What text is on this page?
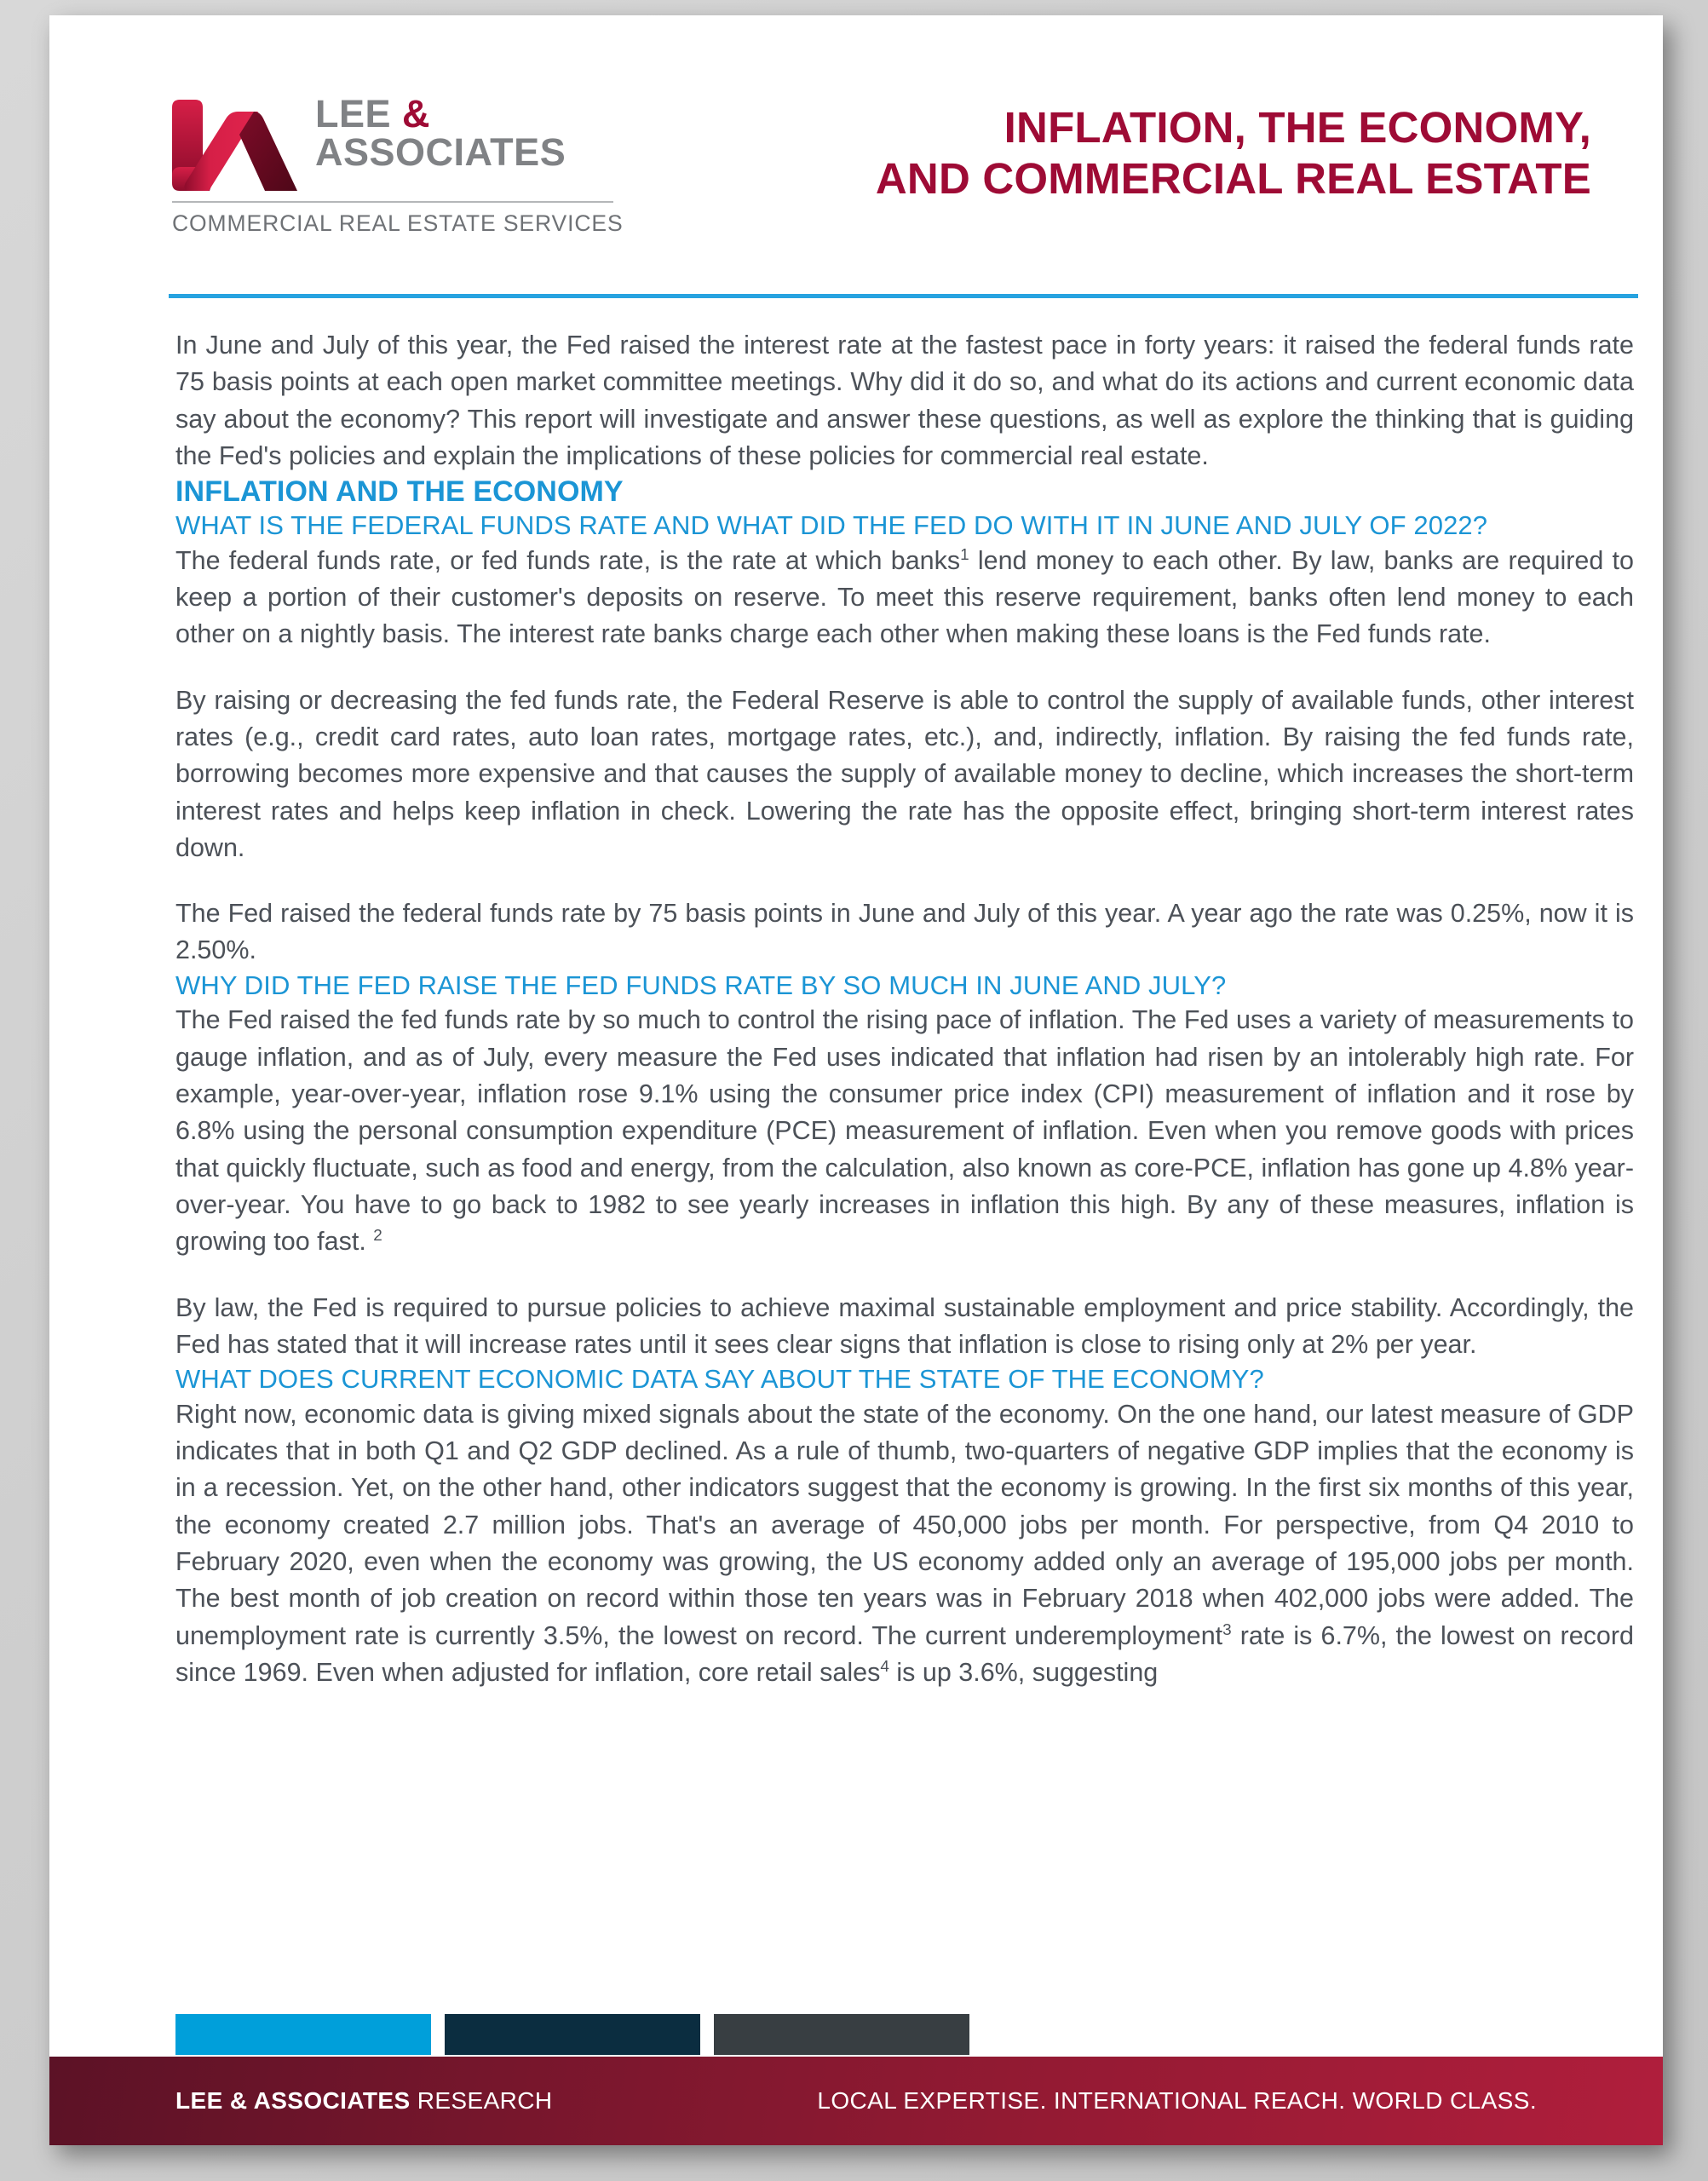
LEE &
ASSOCIATES
COMMERCIAL REAL ESTATE SERVICES
INFLATION, THE ECONOMY,
AND COMMERCIAL REAL ESTATE

In June and July of this year, the Fed raised the interest rate at the fastest pace in forty years: it raised the federal funds rate 75 basis points at each open market committee meetings. Why did it do so, and what do its actions and current economic data say about the economy? This report will investigate and answer these questions, as well as explore the thinking that is guiding the Fed's policies and explain the implications of these policies for commercial real estate.

INFLATION AND THE ECONOMY
WHAT IS THE FEDERAL FUNDS RATE AND WHAT DID THE FED DO WITH IT IN JUNE AND JULY OF 2022?

The federal funds rate, or fed funds rate, is the rate at which banks$^1$ lend money to each other. By law, banks are required to keep a portion of their customer's deposits on reserve. To meet this reserve requirement, banks often lend money to each other on a nightly basis. The interest rate banks charge each other when making these loans is the Fed funds rate.

By raising or decreasing the fed funds rate, the Federal Reserve is able to control the supply of available funds, other interest rates (e.g., credit card rates, auto loan rates, mortgage rates, etc.), and, indirectly, inflation. By raising the fed funds rate, borrowing becomes more expensive and that causes the supply of available money to decline, which increases the short-term interest rates and helps keep inflation in check. Lowering the rate has the opposite effect, bringing short-term interest rates down.

The Fed raised the federal funds rate by 75 basis points in June and July of this year. A year ago the rate was 0.25%, now it is 2.50%.

WHY DID THE FED RAISE THE FED FUNDS RATE BY SO MUCH IN JUNE AND JULY?

The Fed raised the fed funds rate by so much to control the rising pace of inflation. The Fed uses a variety of measurements to gauge inflation, and as of July, every measure the Fed uses indicated that inflation had risen by an intolerably high rate. For example, year-over-year, inflation rose 9.1% using the consumer price index (CPI) measurement of inflation and it rose by 6.8% using the personal consumption expenditure (PCE) measurement of inflation. Even when you remove goods with prices that quickly fluctuate, such as food and energy, from the calculation, also known as core-PCE, inflation has gone up 4.8% year-over-year. You have to go back to 1982 to see yearly increases in inflation this high. By any of these measures, inflation is growing too fast. $^2$

By law, the Fed is required to pursue policies to achieve maximal sustainable employment and price stability. Accordingly, the Fed has stated that it will increase rates until it sees clear signs that inflation is close to rising only at 2% per year.

WHAT DOES CURRENT ECONOMIC DATA SAY ABOUT THE STATE OF THE ECONOMY?

Right now, economic data is giving mixed signals about the state of the economy. On the one hand, our latest measure of GDP indicates that in both Q1 and Q2 GDP declined. As a rule of thumb, two-quarters of negative GDP implies that the economy is in a recession. Yet, on the other hand, other indicators suggest that the economy is growing. In the first six months of this year, the economy created 2.7 million jobs. That's an average of 450,000 jobs per month. For perspective, from Q4 2010 to February 2020, even when the economy was growing, the US economy added only an average of 195,000 jobs per month. The best month of job creation on record within those ten years was in February 2018 when 402,000 jobs were added. The unemployment rate is currently 3.5%, the lowest on record. The current underemployment$^3$ rate is 6.7%, the lowest on record since 1969. Even when adjusted for inflation, core retail sales$^4$ is up 3.6%, suggesting

LEE & ASSOCIATES RESEARCH	LOCAL EXPERTISE. INTERNATIONAL REACH. WORLD CLASS.
